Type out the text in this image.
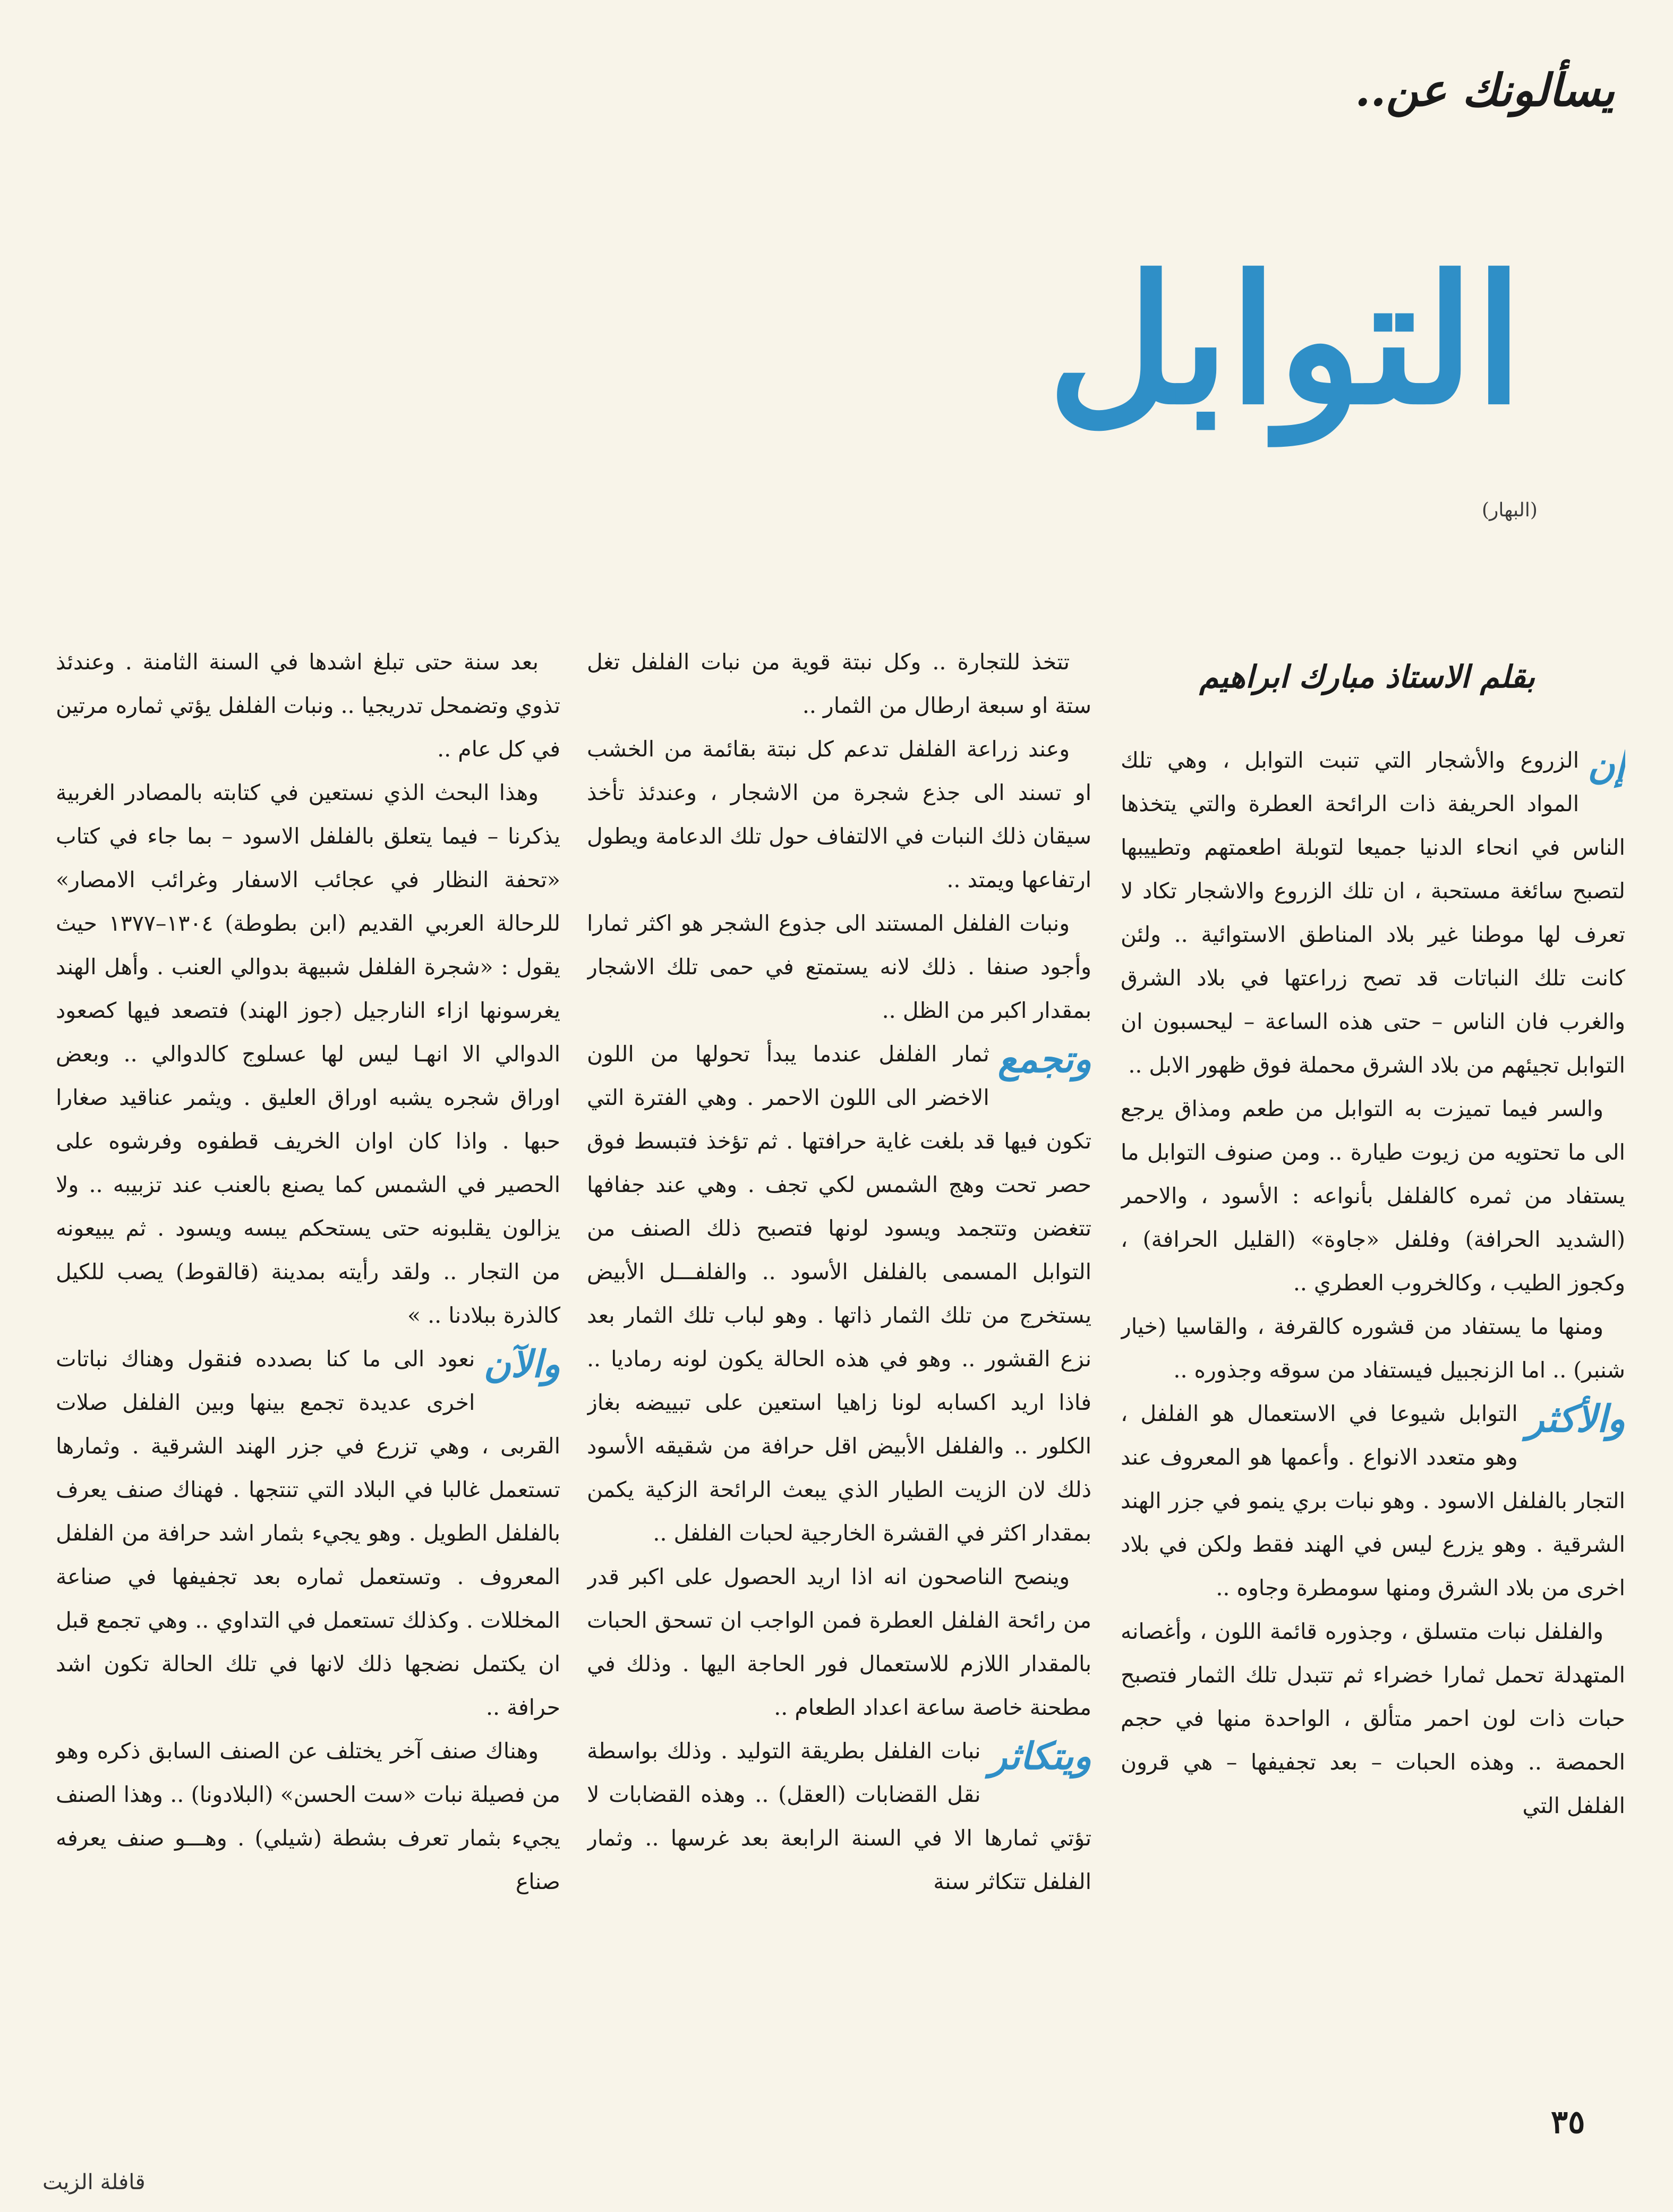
يسألونك عن..
التوابل
(البهار)
بقلم الاستاذ مبارك ابراهيم

إن
الزروع والأشجار التي تنبت التوابل ، وهي تلك المواد الحريفة ذات الرائحة العطرة والتي يتخذها الناس في انحاء الدنيا جميعا لتوبلة اطعمتهم وتطييبها لتصبح سائغة مستحبة ، ان تلك الزروع والاشجار تكاد لا تعرف لها موطنا غير بلاد المناطق الاستوائية .. ولئن كانت تلك النباتات قد تصح زراعتها في بلاد الشرق والغرب فان الناس – حتى هذه الساعة – ليحسبون ان التوابل تجيئهم من بلاد الشرق محملة فوق ظهور الابل ..

والسر فيما تميزت به التوابل من طعم ومذاق يرجع الى ما تحتويه من زيوت طيارة .. ومن صنوف التوابل ما يستفاد من ثمره كالفلفل بأنواعه : الأسود ، والاحمر (الشديد الحرافة) وفلفل «جاوة» (القليل الحرافة) ، وكجوز الطيب ، وكالخروب العطري ..

ومنها ما يستفاد من قشوره كالقرفة ، والقاسيا (خيار شنبر) .. اما الزنجبيل فيستفاد من سوقه وجذوره ..

والأكثر
التوابل شيوعا في الاستعمال هو الفلفل ، وهو متعدد الانواع . وأعمها هو المعروف عند التجار بالفلفل الاسود . وهو نبات بري ينمو في جزر الهند الشرقية . وهو يزرع ليس في الهند فقط ولكن في بلاد اخرى من بلاد الشرق ومنها سومطرة وجاوه ..

والفلفل نبات متسلق ، وجذوره قائمة اللون ، وأغصانه المتهدلة تحمل ثمارا خضراء ثم تتبدل تلك الثمار فتصبح حبات ذات لون احمر متألق ، الواحدة منها في حجم الحمصة .. وهذه الحبات – بعد تجفيفها – هي قرون الفلفل التي

تتخذ للتجارة .. وكل نبتة قوية من نبات الفلفل تغل ستة او سبعة ارطال من الثمار ..

وعند زراعة الفلفل تدعم كل نبتة بقائمة من الخشب او تسند الى جذع شجرة من الاشجار ، وعندئذ تأخذ سيقان ذلك النبات في الالتفاف حول تلك الدعامة ويطول ارتفاعها ويمتد ..

ونبات الفلفل المستند الى جذوع الشجر هو اكثر ثمارا وأجود صنفا . ذلك لانه يستمتع في حمى تلك الاشجار بمقدار اكبر من الظل ..

وتجمع
ثمار الفلفل عندما يبدأ تحولها من اللون الاخضر الى اللون الاحمر . وهي الفترة التي تكون فيها قد بلغت غاية حرافتها . ثم تؤخذ فتبسط فوق حصر تحت وهج الشمس لكي تجف . وهي عند جفافها تتغضن وتتجمد ويسود لونها فتصبح ذلك الصنف من التوابل المسمى بالفلفل الأسود .. والفلفـــل الأبيض يستخرج من تلك الثمار ذاتها . وهو لباب تلك الثمار بعد نزع القشور .. وهو في هذه الحالة يكون لونه رماديا .. فاذا اريد اكسابه لونا زاهيا استعين على تبييضه بغاز الكلور .. والفلفل الأبيض اقل حرافة من شقيقه الأسود ذلك لان الزيت الطيار الذي يبعث الرائحة الزكية يكمن بمقدار اكثر في القشرة الخارجية لحبات الفلفل ..

وينصح الناصحون انه اذا اريد الحصول على اكبر قدر من رائحة الفلفل العطرة فمن الواجب ان تسحق الحبات بالمقدار اللازم للاستعمال فور الحاجة اليها . وذلك في مطحنة خاصة ساعة اعداد الطعام ..

ويتكاثر
نبات الفلفل بطريقة التوليد . وذلك بواسطة نقل القضابات (العقل) .. وهذه القضابات لا تؤتي ثمارها الا في السنة الرابعة بعد غرسها .. وثمار الفلفل تتكاثر سنة

بعد سنة حتى تبلغ اشدها في السنة الثامنة . وعندئذ تذوي وتضمحل تدريجيا .. ونبات الفلفل يؤتي ثماره مرتين في كل عام ..

وهذا البحث الذي نستعين في كتابته بالمصادر الغربية يذكرنا – فيما يتعلق بالفلفل الاسود – بما جاء في كتاب «تحفة النظار في عجائب الاسفار وغرائب الامصار» للرحالة العربي القديم (ابن بطوطة) ١٣٠٤–١٣٧٧ حيث يقول : «شجرة الفلفل شبيهة بدوالي العنب . وأهل الهند يغرسونها ازاء النارجيل (جوز الهند) فتصعد فيها كصعود الدوالي الا انهـا ليس لها عسلوج كالدوالي .. وبعض اوراق شجره يشبه اوراق العليق . ويثمر عناقيد صغارا حبها . واذا كان اوان الخريف قطفوه وفرشوه على الحصير في الشمس كما يصنع بالعنب عند تزبيبه .. ولا يزالون يقلبونه حتى يستحكم يبسه ويسود . ثم يبيعونه من التجار .. ولقد رأيته بمدينة (قالقوط) يصب للكيل كالذرة ببلادنا .. »

والآن
نعود الى ما كنا بصدده فنقول وهناك نباتات اخرى عديدة تجمع بينها وبين الفلفل صلات القربى ، وهي تزرع في جزر الهند الشرقية . وثمارها تستعمل غالبا في البلاد التي تنتجها . فهناك صنف يعرف بالفلفل الطويل . وهو يجيء بثمار اشد حرافة من الفلفل المعروف . وتستعمل ثماره بعد تجفيفها في صناعة المخللات . وكذلك تستعمل في التداوي .. وهي تجمع قبل ان يكتمل نضجها ذلك لانها في تلك الحالة تكون اشد حرافة ..

وهناك صنف آخر يختلف عن الصنف السابق ذكره وهو من فصيلة نبات «ست الحسن» (البلادونا) .. وهذا الصنف يجيء بثمار تعرف بشطة (شيلي) . وهـــو صنف يعرفه صناع

٣٥
قافلة الزيت
